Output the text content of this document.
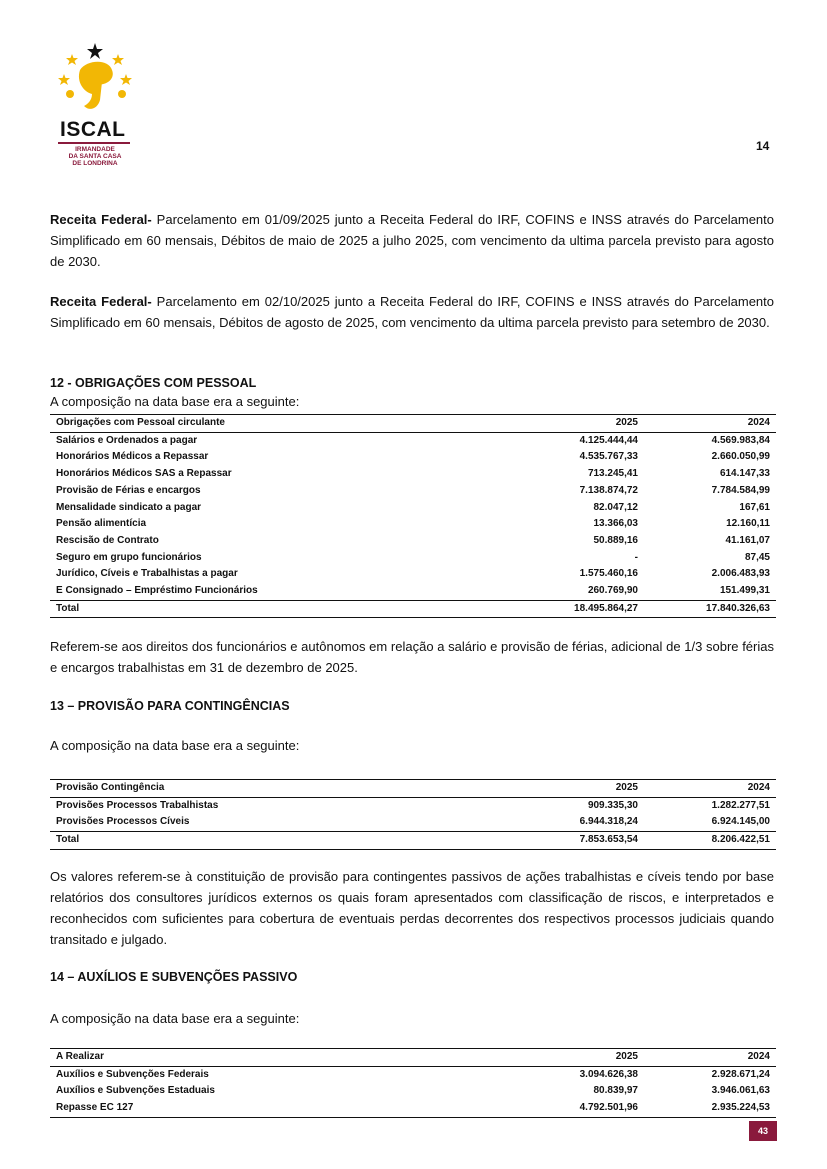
ISCAL
IRMANDADE
DA SANTA CASA
DE LONDRINA
14

Receita Federal- Parcelamento em 01/09/2025 junto a Receita Federal do IRF, COFINS e INSS através do Parcelamento Simplificado em 60 mensais, Débitos de maio de 2025 a julho 2025, com vencimento da ultima parcela previsto para agosto de 2030.

Receita Federal- Parcelamento em 02/10/2025 junto a Receita Federal do IRF, COFINS e INSS através do Parcelamento Simplificado em 60 mensais, Débitos de agosto de 2025, com vencimento da ultima parcela previsto para setembro de 2030.

12 - OBRIGAÇÕES COM PESSOAL
A composição na data base era a seguinte:
Obrigações com Pessoal circulante	2025	2024
Salários e Ordenados a pagar	4.125.444,44	4.569.983,84
Honorários Médicos a Repassar	4.535.767,33	2.660.050,99
Honorários Médicos SAS a Repassar	713.245,41	614.147,33
Provisão de Férias e encargos	7.138.874,72	7.784.584,99
Mensalidade sindicato a pagar	82.047,12	167,61
Pensão alimentícia	13.366,03	12.160,11
Rescisão de Contrato	50.889,16	41.161,07
Seguro em grupo funcionários	-	87,45
Jurídico, Cíveis e Trabalhistas a pagar	1.575.460,16	2.006.483,93
E Consignado – Empréstimo Funcionários	260.769,90	151.499,31
Total	18.495.864,27	17.840.326,63

Referem-se aos direitos dos funcionários e autônomos em relação a salário e provisão de férias, adicional de 1/3 sobre férias e encargos trabalhistas em 31 de dezembro de 2025.

13 – PROVISÃO PARA CONTINGÊNCIAS
A composição na data base era a seguinte:
Provisão Contingência	2025	2024
Provisões Processos Trabalhistas	909.335,30	1.282.277,51
Provisões Processos Cíveis	6.944.318,24	6.924.145,00
Total	7.853.653,54	8.206.422,51

Os valores referem-se à constituição de provisão para contingentes passivos de ações trabalhistas e cíveis tendo por base relatórios dos consultores jurídicos externos os quais foram apresentados com classificação de riscos, e interpretados e reconhecidos com suficientes para cobertura de eventuais perdas decorrentes dos respectivos processos judiciais quando transitado e julgado.

14 – AUXÍLIOS E SUBVENÇÕES PASSIVO
A composição na data base era a seguinte:
A Realizar	2025	2024
Auxílios e Subvenções Federais	3.094.626,38	2.928.671,24
Auxílios e Subvenções Estaduais	80.839,97	3.946.061,63
Repasse EC 127	4.792.501,96	2.935.224,53
43
